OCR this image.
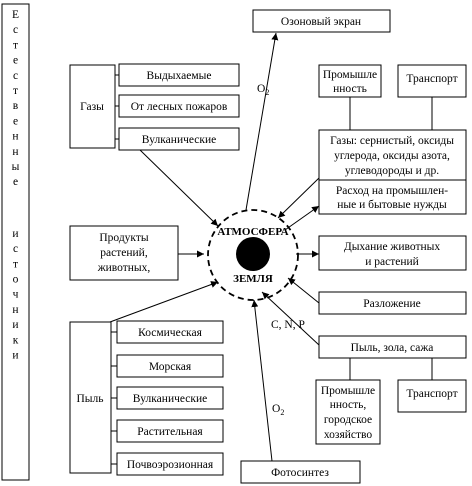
Е
с
т
е
с
т
в
е
н
н
ы
е
и
с
т
о
ч
н
и
к
и
Газы
Выдыхаемые
От лесных пожаров
Вулканические
Продукты
растений,
животных,
Пыль
Космическая
Морская
Вулканические
Растительная
Почвоэрозионная
Озоновый экран
Промышле
нность
Транспорт
Газы: сернистый, оксиды
углерода, оксиды азота,
углеводороды и др.
Расход на промышлен-
ные и бытовые нужды
Дыхание животных
и растений
Разложение
Пыль, зола, сажа
Промышле
нность,
городское
хозяйство
Транспорт
Фотосинтез
АТМОСФЕРА
ЗЕМЛЯ
$O_2$
$O_2$
C, N, P
